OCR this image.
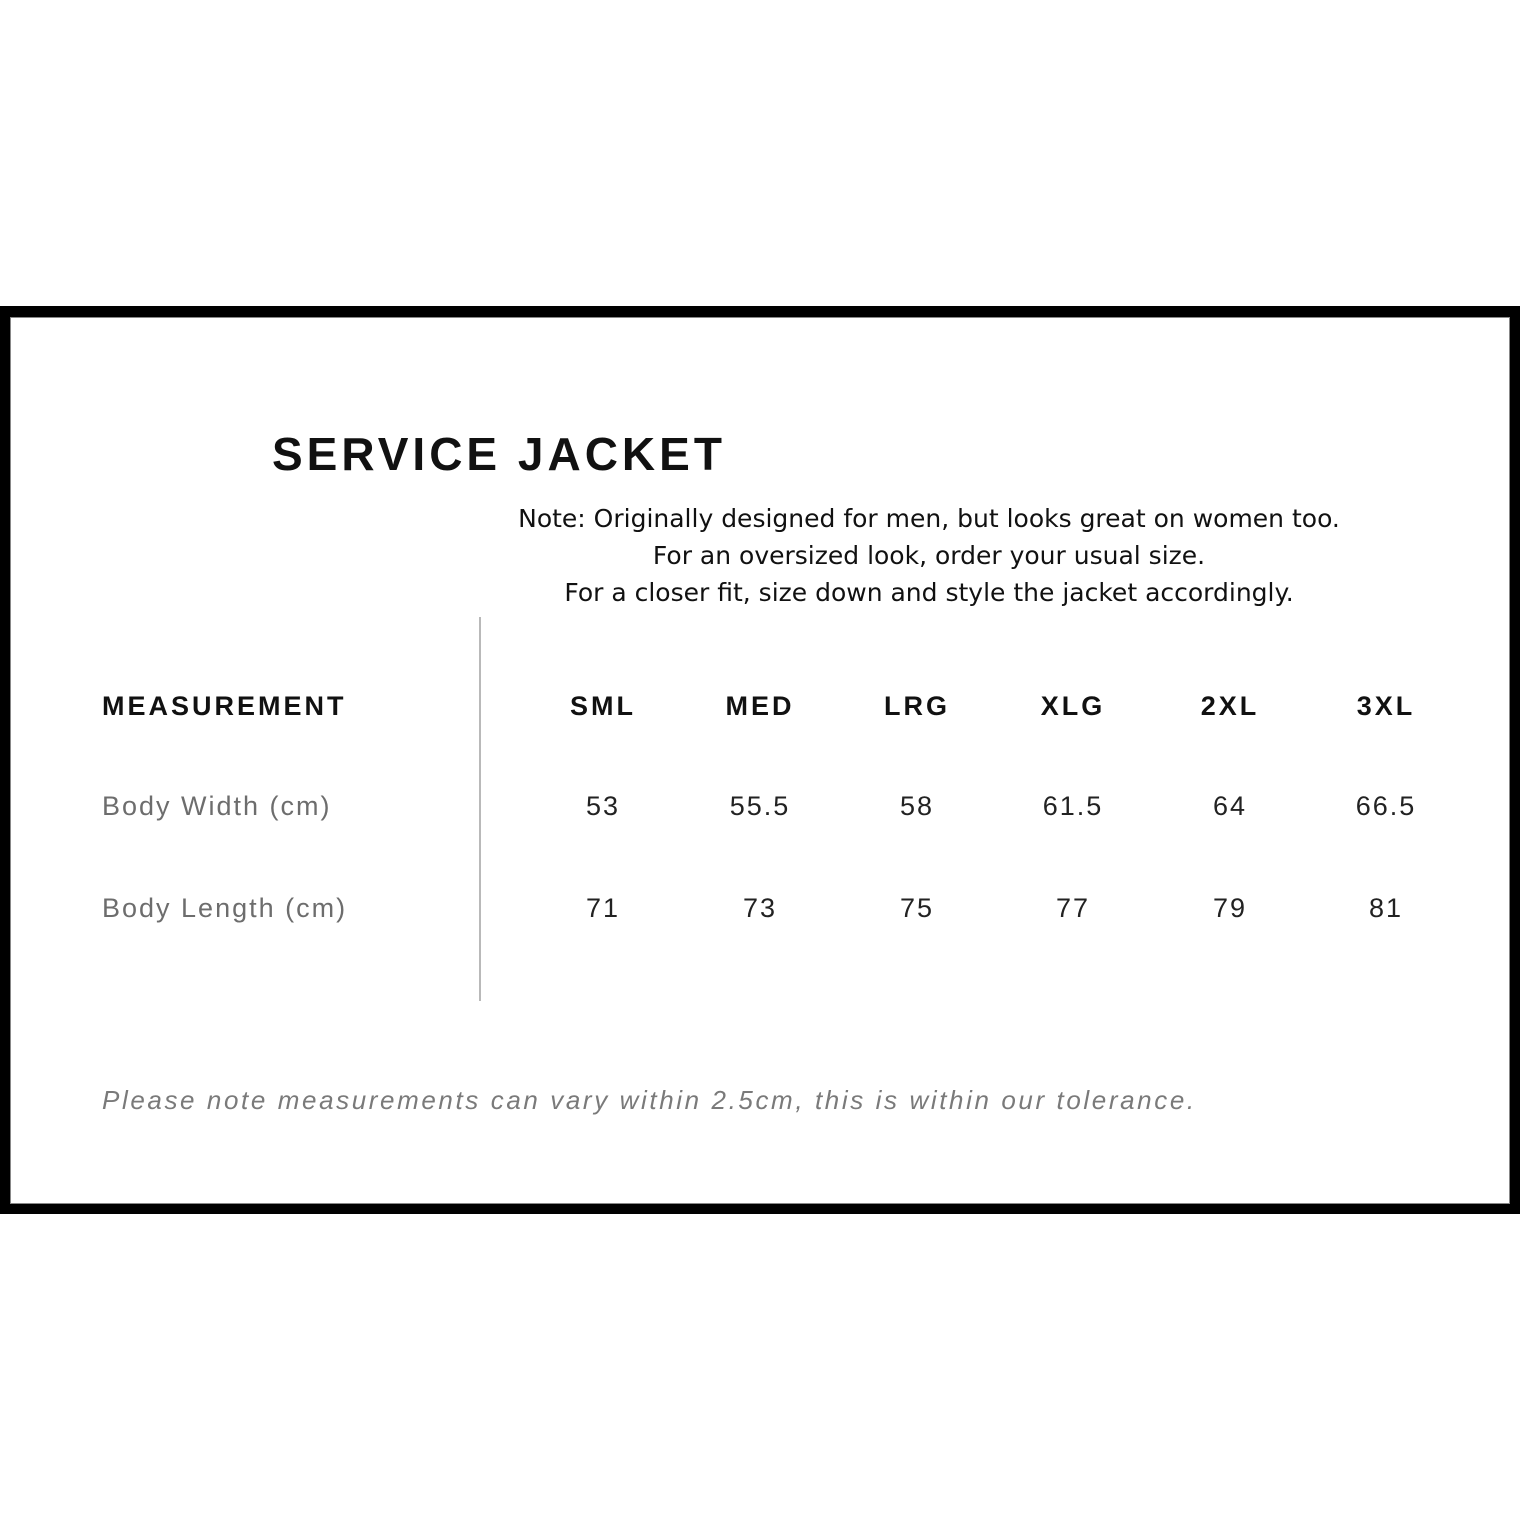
SERVICE JACKET
Note: Originally designed for men, but looks great on women too.
For an oversized look, order your usual size.
For a closer fit, size down and style the jacket accordingly.
MEASUREMENT	SML	MED	LRG	XLG	2XL	3XL
Body Width (cm)	53	55.5	58	61.5	64	66.5
Body Length (cm)	71	73	75	77	79	81
Please note measurements can vary within 2.5cm, this is within our tolerance.
